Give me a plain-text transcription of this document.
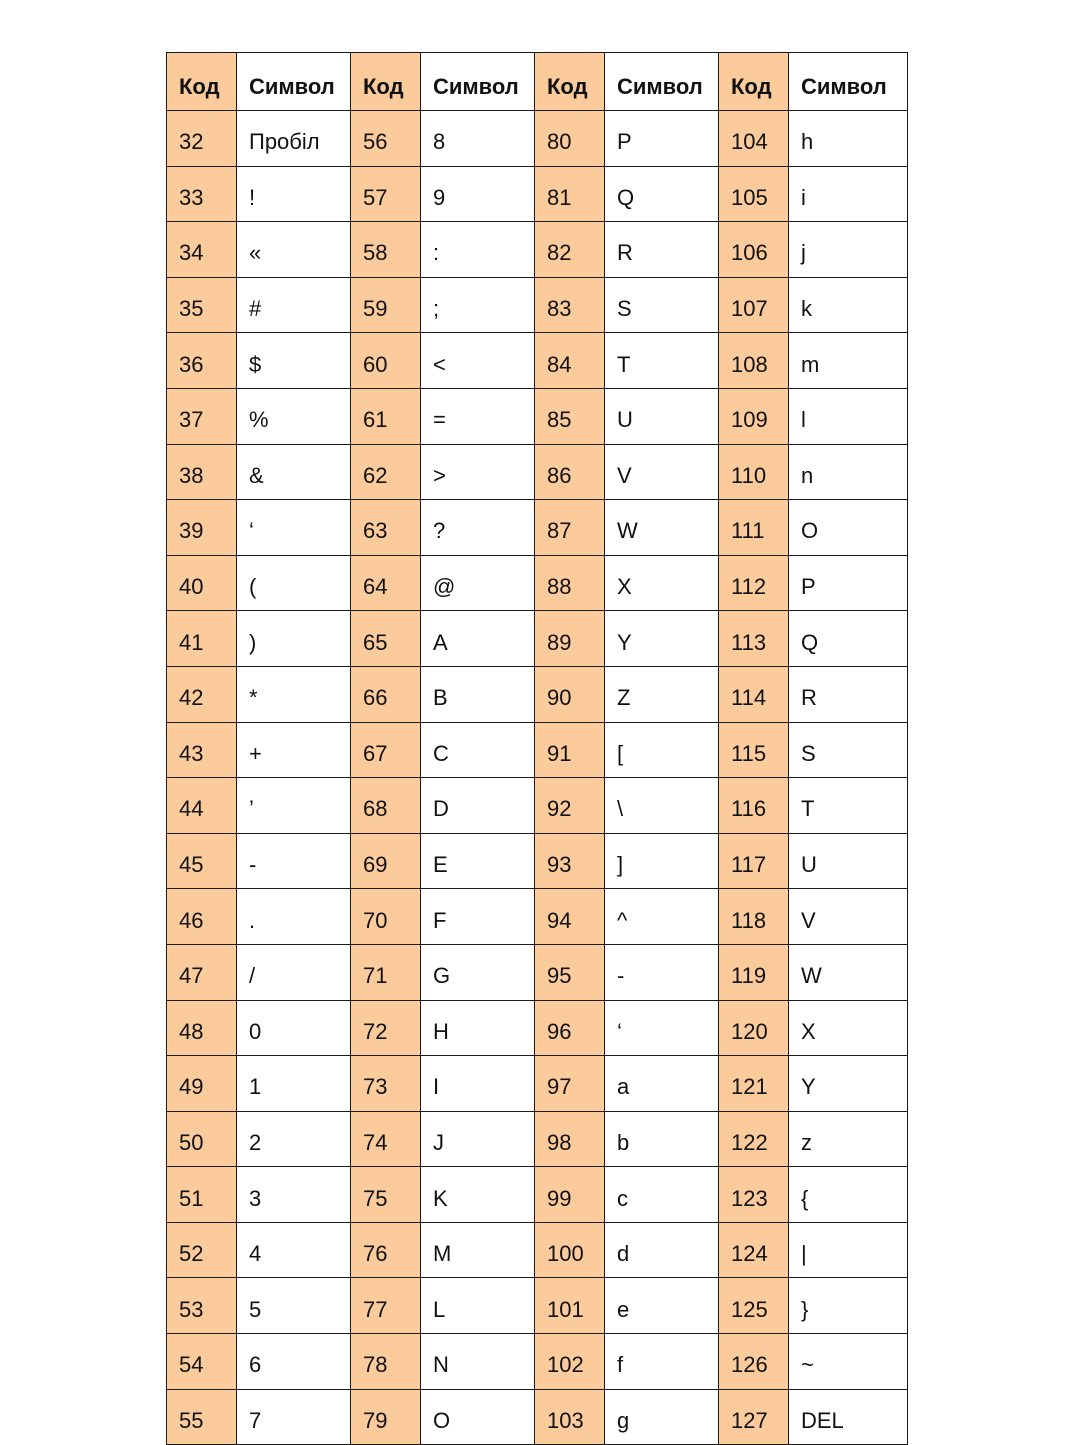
Код	Символ	Код	Символ	Код	Символ	Код	Символ
32	Пробіл	56	8	80	P	104	h
33	!	57	9	81	Q	105	i
34	«	58	:	82	R	106	j
35	#	59	;	83	S	107	k
36	$	60	<	84	T	108	m
37	%	61	=	85	U	109	l
38	&	62	>	86	V	110	n
39	‘	63	?	87	W	111	O
40	(	64	@	88	X	112	P
41	)	65	A	89	Y	113	Q
42	*	66	B	90	Z	114	R
43	+	67	C	91	[	115	S
44	’	68	D	92	\	116	T
45	-	69	E	93	]	117	U
46	.	70	F	94	^	118	V
47	/	71	G	95	-	119	W
48	0	72	H	96	‘	120	X
49	1	73	I	97	a	121	Y
50	2	74	J	98	b	122	z
51	3	75	K	99	c	123	{
52	4	76	M	100	d	124	|
53	5	77	L	101	e	125	}
54	6	78	N	102	f	126	~
55	7	79	O	103	g	127	DEL
